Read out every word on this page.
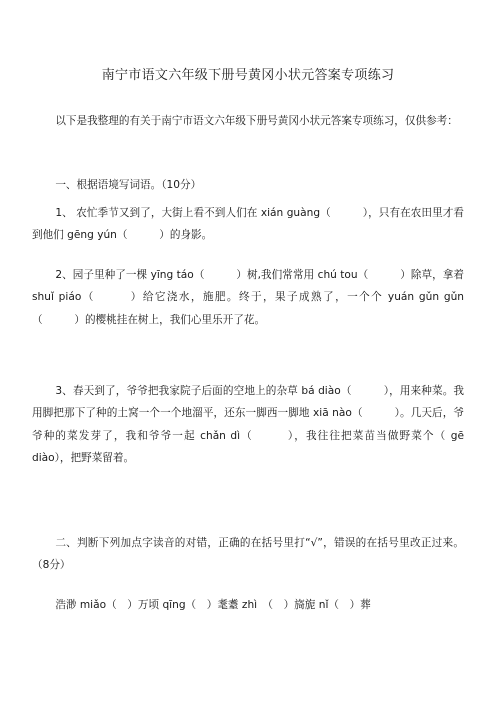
南宁市语文六年级下册号黄冈小状元答案专项练习

以下是我整理的有关于南宁市语文六年级下册号黄冈小状元答案专项练习，仅供参考：

一、根据语境写词语。（10分）

1、 农忙季节又到了，大街上看不到人们在 xián guàng（　　　），只有在农田里才看到他们 gēng yún（　　　）的身影。

2、园子里种了一棵 yīng táo（　　　）树,我们常常用 chú tou（　　　）除草，拿着 shuǐ piáo（　　　）给它浇水，施肥。终于，果子成熟了，一个个 yuán gǔn gǔn（　　　）的樱桃挂在树上，我们心里乐开了花。

3、春天到了，爷爷把我家院子后面的空地上的杂草 bá diào（　　　），用来种菜。我用脚把那下了种的土窝一个一个地溜平，还东一脚西一脚地 xiā nào（　　　）。几天后，爷爷种的菜发芽了，我和爷爷一起 chǎn dì（　　　），我往往把菜苗当做野菜个（ gē diào），把野菜留着。

二、判断下列加点字读音的对错，正确的在括号里打“√”，错误的在括号里改正过来。（8分）

浩渺 miǎo（　）万顷 qīng（　）耄耋 zhì　（　）旖旎 nǐ（　）葬
